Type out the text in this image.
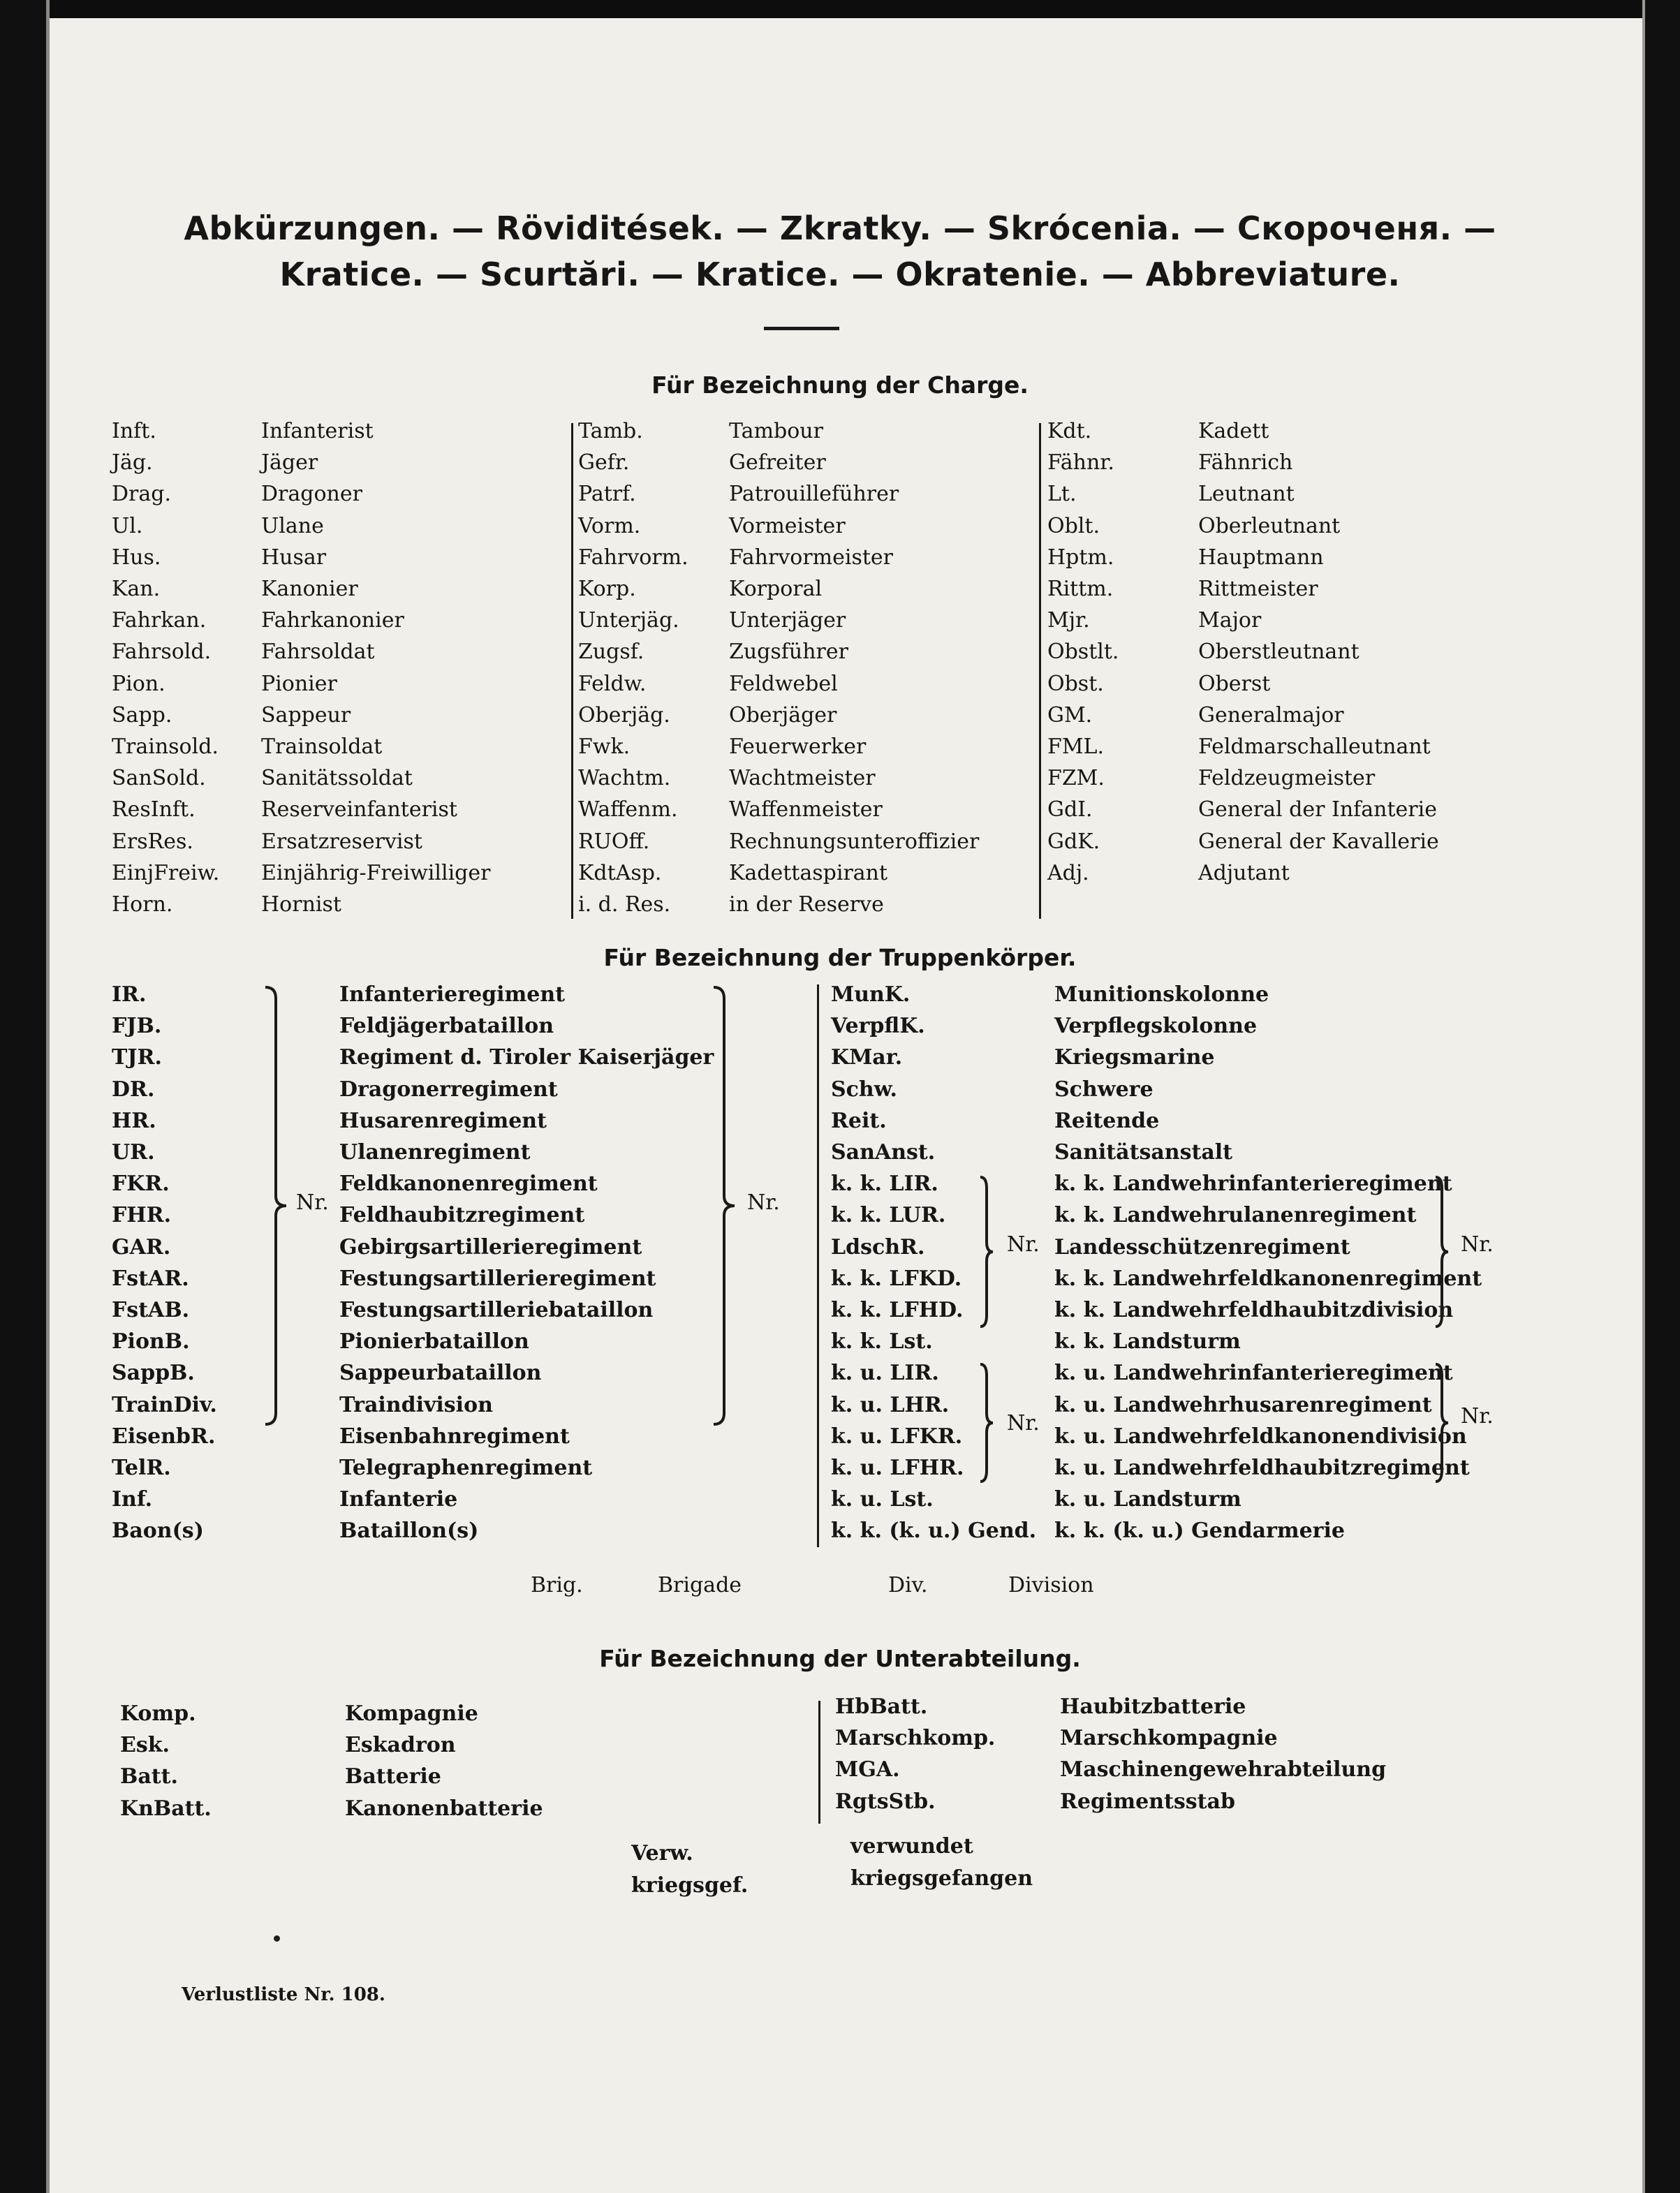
Abkürzungen. — Röviditések. — Zkratky. — Skrócenia. — Скороченя. —
Kratice. — Scurtări. — Kratice. — Okratenie. — Abbreviature.
Für Bezeichnung der Charge.
Inft.	Infanterist
Jäg.	Jäger
Drag.	Dragoner
Ul.	Ulane
Hus.	Husar
Kan.	Kanonier
Fahrkan.	Fahrkanonier
Fahrsold. Fahrsoldat
Pion.	Pionier
Sapp.	Sappeur
Trainsold. Trainsoldat
SanSold.	Sanitätssoldat
ResInft.	Reserveinfanterist
ErsRes.	Ersatzreservist
EinjFreiw. Einjährig-Freiwilliger
Horn.	Hornist
Tamb.	Tambour
Gefr.	Gefreiter
Patrf.	Patrouilleführer
Vorm.	Vormeister
Fahrvorm. Fahrvormeister
Korp.	Korporal
Unterjäg. Unterjäger
Zugsf.	Zugsführer
Feldw.	Feldwebel
Oberjäg.	Oberjäger
Fwk.	Feuerwerker
Wachtm.	Wachtmeister
Waffenm. Waffenmeister
RUOff.	Rechnungsunteroffizier
KdtAsp.	Kadettaspirant
i. d. Res.	in der Reserve
Kdt.	Kadett
Fähnr.	Fähnrich
Lt.	Leutnant
Oblt.	Oberleutnant
Hptm.	Hauptmann
Rittm.	Rittmeister
Mjr.	Major
Obstlt.	Oberstleutnant
Obst.	Oberst
GM.	Generalmajor
FML.	Feldmarschalleutnant
FZM.	Feldzeugmeister
GdI.	General der Infanterie
GdK.	General der Kavallerie
Adj.	Adjutant
Für Bezeichnung der Truppenkörper.
IR.	Infanterieregiment
FJB.	Feldjägerbataillon
TJR.	Regiment d. Tiroler Kaiserjäger
DR.	Dragonerregiment
HR.	Husarenregiment
UR.	Ulanenregiment
FKR.	Feldkanonenregiment
FHR.	Feldhaubitzregiment
GAR.	Gebirgsartillerieregiment
FstAR.	Festungsartillerieregiment
FstAB.	Festungsartilleriebataillon
PionB.	Pionierbataillon
SappB.	Sappeurbataillon
TrainDiv.	Traindivision
EisenbR.	Eisenbahnregiment
TelR.	Telegraphenregiment
Inf.	Infanterie
Baon(s)	Bataillon(s)
MunK.	Munitionskolonne
VerpflK.	Verpflegskolonne
KMar.	Kriegsmarine
Schw.	Schwere
Reit.	Reitende
SanAnst.	Sanitätsanstalt
k. k. LIR.	k. k. Landwehrinfanterieregiment
k. k. LUR.	k. k. Landwehrulanenregiment
LdschR.	Landesschützenregiment
k. k. LFKD.	k. k. Landwehrfeldkanonenregiment
k. k. LFHD.	k. k. Landwehrfeldhaubitzdivision
k. k. Lst.	k. k. Landsturm
k. u. LIR.	k. u. Landwehrinfanterieregiment
k. u. LHR.	k. u. Landwehrhusarenregiment
k. u. LFKR.	k. u. Landwehrfeldkanonendivision
k. u. LFHR.	k. u. Landwehrfeldhaubitzregiment
k. u. Lst.	k. u. Landsturm
k. k. (k. u.) Gend. k. k. (k. u.) Gendarmerie
Nr.	Nr.
Nr.	Nr.
Nr.	Nr.
Brig.	Brigade	Div.	Division
Für Bezeichnung der Unterabteilung.
Komp.	Kompagnie
Esk.	Eskadron
Batt.	Batterie
KnBatt.	Kanonenbatterie
HbBatt.	Haubitzbatterie
Marschkomp.	Marschkompagnie
MGA.	Maschinengewehrabteilung
RgtsStb.	Regimentsstab
Verw.	verwundet
kriegsgef.	kriegsgefangen
Verlustliste Nr. 108.
